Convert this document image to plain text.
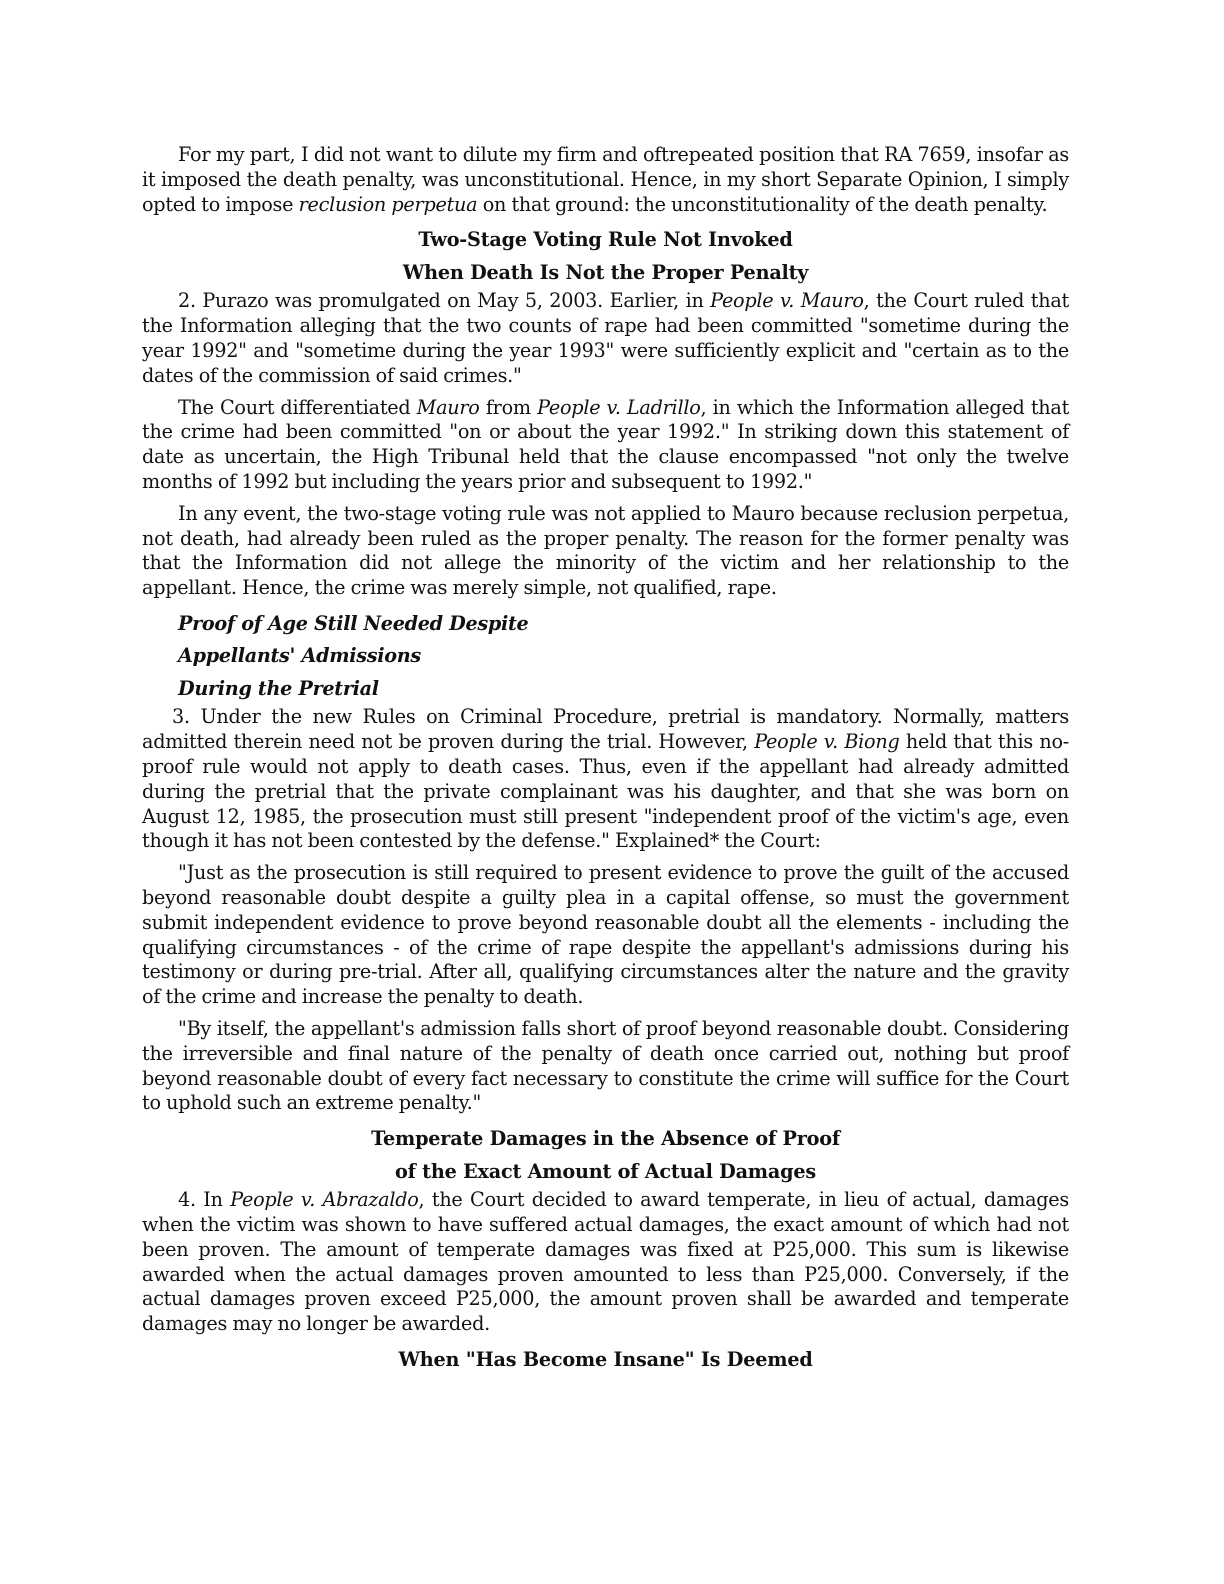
For my part, I did not want to dilute my firm and oftrepeated position that RA 7659, insofar as it imposed the death penalty, was unconstitutional. Hence, in my short Separate Opinion, I simply opted to impose reclusion perpetua on that ground: the unconstitutionality of the death penalty.

Two-Stage Voting Rule Not Invoked
When Death Is Not the Proper Penalty

2. Purazo was promulgated on May 5, 2003. Earlier, in People v. Mauro, the Court ruled that the Information alleging that the two counts of rape had been committed "sometime during the year 1992" and "sometime during the year 1993" were sufficiently explicit and "certain as to the dates of the commission of said crimes."

The Court differentiated Mauro from People v. Ladrillo, in which the Information alleged that the crime had been committed "on or about the year 1992." In striking down this statement of date as uncertain, the High Tribunal held that the clause encompassed "not only the twelve months of 1992 but including the years prior and subsequent to 1992."

In any event, the two-stage voting rule was not applied to Mauro because reclusion perpetua, not death, had already been ruled as the proper penalty. The reason for the former penalty was that the Information did not allege the minority of the victim and her relationship to the appellant. Hence, the crime was merely simple, not qualified, rape.

Proof of Age Still Needed Despite
Appellants' Admissions
During the Pretrial

3. Under the new Rules on Criminal Procedure, pretrial is mandatory. Normally, matters admitted therein need not be proven during the trial. However, People v. Biong held that this no-proof rule would not apply to death cases. Thus, even if the appellant had already admitted during the pretrial that the private complainant was his daughter, and that she was born on August 12, 1985, the prosecution must still present "independent proof of the victim's age, even though it has not been contested by the defense." Explained* the Court:

"Just as the prosecution is still required to present evidence to prove the guilt of the accused beyond reasonable doubt despite a guilty plea in a capital offense, so must the government submit independent evidence to prove beyond reasonable doubt all the elements - including the qualifying circumstances - of the crime of rape despite the appellant's admissions during his testimony or during pre-trial. After all, qualifying circumstances alter the nature and the gravity of the crime and increase the penalty to death.

"By itself, the appellant's admission falls short of proof beyond reasonable doubt. Considering the irreversible and final nature of the penalty of death once carried out, nothing but proof beyond reasonable doubt of every fact necessary to constitute the crime will suffice for the Court to uphold such an extreme penalty."

Temperate Damages in the Absence of Proof
of the Exact Amount of Actual Damages

4. In People v. Abrazaldo, the Court decided to award temperate, in lieu of actual, damages when the victim was shown to have suffered actual damages, the exact amount of which had not been proven. The amount of temperate damages was fixed at P25,000. This sum is likewise awarded when the actual damages proven amounted to less than P25,000. Conversely, if the actual damages proven exceed P25,000, the amount proven shall be awarded and temperate damages may no longer be awarded.

When "Has Become Insane" Is Deemed
